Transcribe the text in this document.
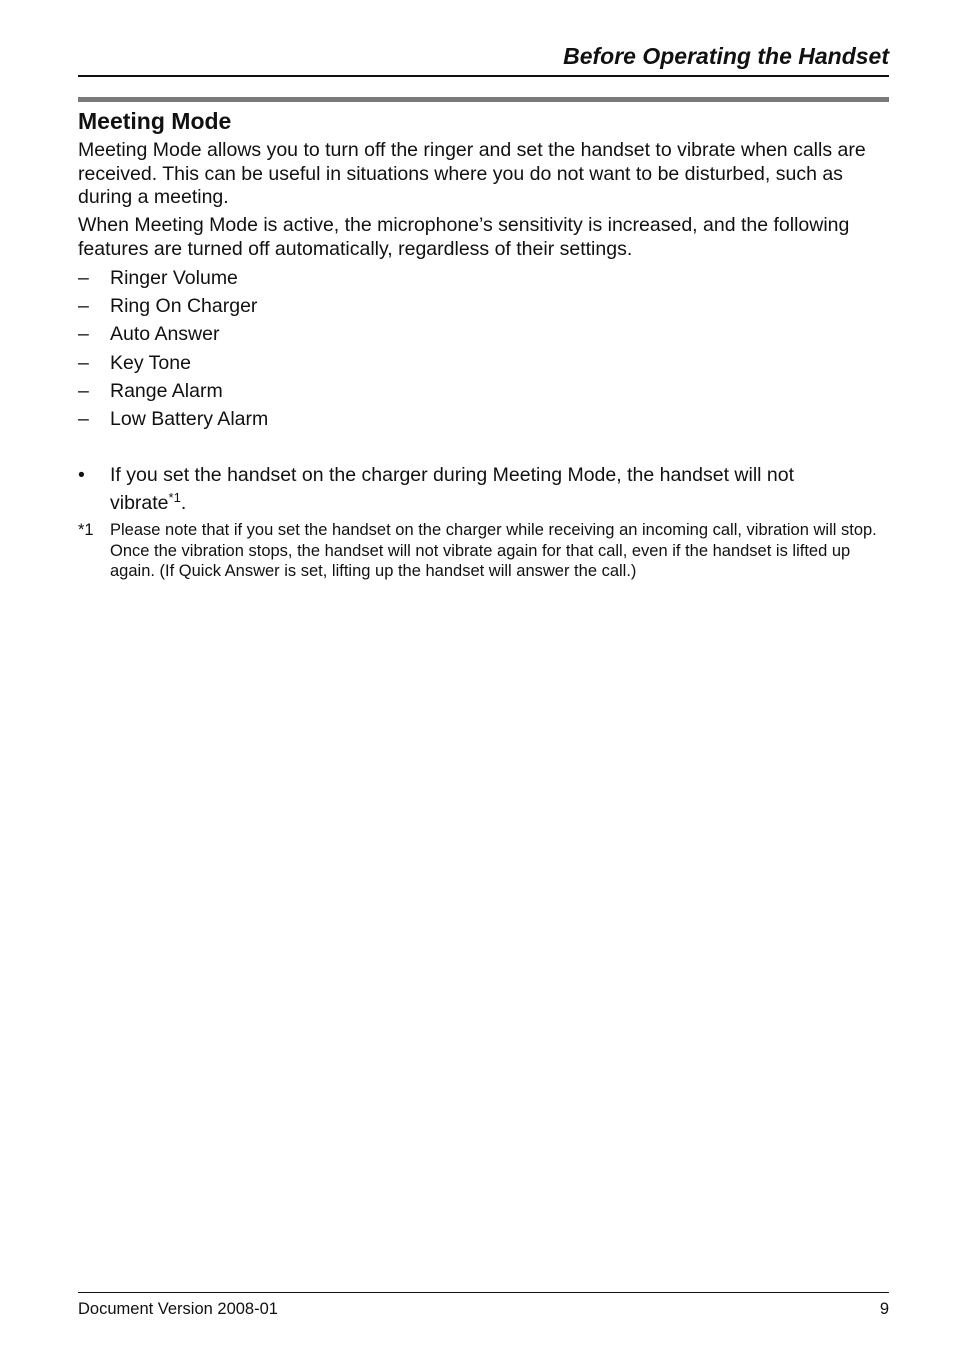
Before Operating the Handset
Meeting Mode
Meeting Mode allows you to turn off the ringer and set the handset to vibrate when calls are received. This can be useful in situations where you do not want to be disturbed, such as during a meeting.
When Meeting Mode is active, the microphone’s sensitivity is increased, and the following features are turned off automatically, regardless of their settings.
– Ringer Volume
– Ring On Charger
– Auto Answer
– Key Tone
– Range Alarm
– Low Battery Alarm
• If you set the handset on the charger during Meeting Mode, the handset will not vibrate$^{*1}$.
*1 Please note that if you set the handset on the charger while receiving an incoming call, vibration will stop. Once the vibration stops, the handset will not vibrate again for that call, even if the handset is lifted up again. (If Quick Answer is set, lifting up the handset will answer the call.)
Document Version 2008-01	9
